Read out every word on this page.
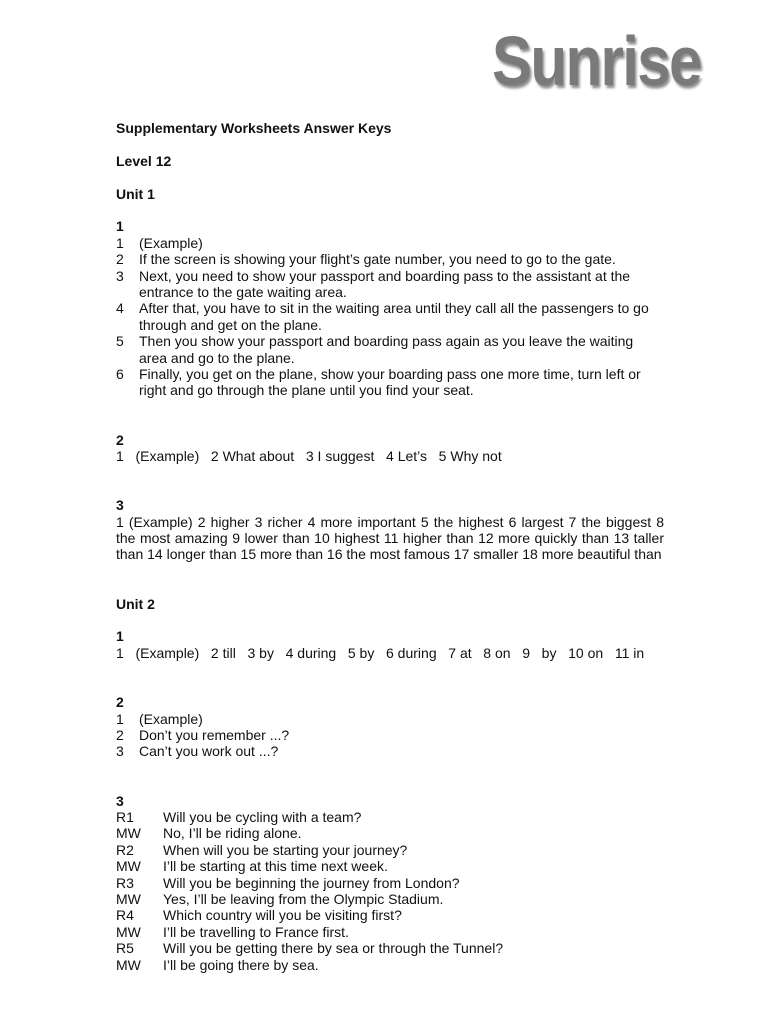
Sunrise
Supplementary Worksheets Answer Keys
Level 12
Unit 1
1
1	(Example)
2	If the screen is showing your flight’s gate number, you need to go to the gate.
3	Next, you need to show your passport and boarding pass to the assistant at the entrance to the gate waiting area.
4	After that, you have to sit in the waiting area until they call all the passengers to go through and get on the plane.
5	Then you show your passport and boarding pass again as you leave the waiting area and go to the plane.
6	Finally, you get on the plane, show your boarding pass one more time, turn left or right and go through the plane until you find your seat.
2
1   (Example)   2 What about   3 I suggest   4 Let’s   5 Why not
3
1 (Example) 2 higher 3 richer 4 more important 5 the highest 6 largest 7 the biggest 8 the most amazing 9 lower than 10 highest 11 higher than 12 more quickly than 13 taller than 14 longer than 15 more than 16 the most famous 17 smaller 18 more beautiful than
Unit 2
1
1   (Example)   2 till   3 by   4 during   5 by   6 during   7 at   8 on   9   by   10 on   11 in
2
1	(Example)
2	Don’t you remember ...?
3	Can’t you work out ...?
3
R1	Will you be cycling with a team?
MW	No, I’ll be riding alone.
R2	When will you be starting your journey?
MW	I’ll be starting at this time next week.
R3	Will you be beginning the journey from London?
MW	Yes, I’ll be leaving from the Olympic Stadium.
R4	Which country will you be visiting first?
MW	I’ll be travelling to France first.
R5	Will you be getting there by sea or through the Tunnel?
MW	I’ll be going there by sea.
